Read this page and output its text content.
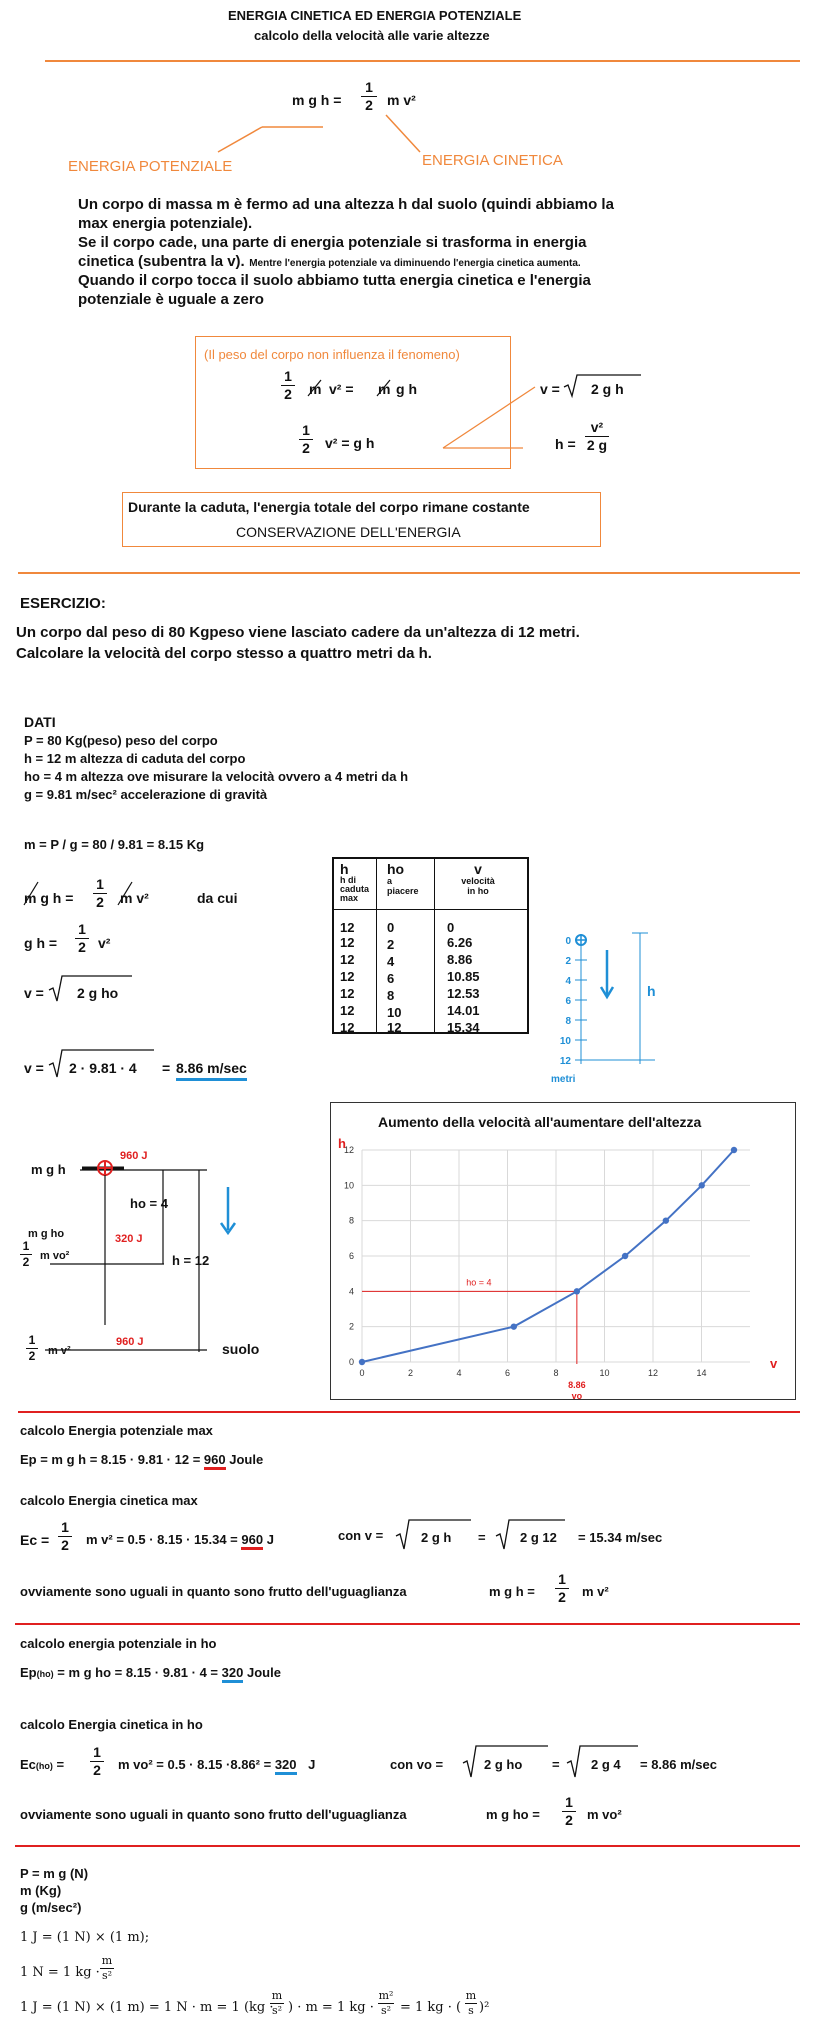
ENERGIA CINETICA ED ENERGIA POTENZIALE
calcolo della velocità alle varie altezze
m g h =
1
2 m v²
ENERGIA POTENZIALE	ENERGIA CINETICA
Un corpo di massa m è fermo ad una altezza h dal suolo (quindi abbiamo la
max energia potenziale).
Se il corpo cade, una parte di energia potenziale si trasforma in energia
cinetica (subentra la v). Mentre l'energia potenziale va diminuendo l'energia cinetica aumenta.
Quando il corpo tocca il suolo abbiamo tutta energia cinetica e l'energia
potenziale è uguale a zero
(Il peso del corpo non influenza il fenomeno)
1
2 m v² = m g h
1
2 v² = g h
v = 2 g h
h =
v²
2 g
Durante la caduta, l'energia totale del corpo rimane costante
CONSERVAZIONE DELL'ENERGIA
ESERCIZIO:
Un corpo dal peso di 80 Kgpeso viene lasciato cadere da un'altezza di 12 metri.
Calcolare la velocità del corpo stesso a quattro metri da h.
DATI
P = 80 Kg(peso) peso del corpo
h = 12 m altezza di caduta del corpo
ho = 4 m altezza ove misurare la velocità ovvero a 4 metri da h
g = 9.81 m/sec² accelerazione di gravità
m = P / g = 80 / 9.81 = 8.15 Kg
m g h =
1
2 m v²	da cui
g h =
1
2 v²
v = 2 g ho
v = 2 · 9.81 · 4 = 8.86 m/sec
h
h di
caduta
max
ho
a
piacere
v
velocità
in ho
12	0	0
12	2	6.26
12	4	8.86
12	6	10.85
12	8	12.53
12	10	14.01
12	12	15.34
0
2
4
6
8
10
12
h
metri
m g h
960 J
ho = 4
m g ho	320 J
1
2 m vo²	h = 12
960 J
1
2 m v²	suolo
Aumento della velocità all'aumentare dell'altezza
0
2
4
6
8
10
12
0	2	4	6	8	10	12	14
h
v
ho = 4
8.86
vo
calcolo Energia potenziale max
Ep = m g h = 8.15 · 9.81 · 12 = 960 Joule
calcolo Energia cinetica max
Ec =
1
2 m v² = 0.5 · 8.15 · 15.34 = 960 J	con v =	2 g h =	2 g 12 = 15.34 m/sec
ovviamente sono uguali in quanto sono frutto dell'uguaglianza	m g h =
1
2 m v²
calcolo energia potenziale in ho
Ep(ho) = m g ho = 8.15 · 9.81 · 4 = 320 Joule
calcolo Energia cinetica in ho
Ec(ho) =
1
2 m vo² = 0.5 · 8.15 ·8.86² = 320 J	con vo =	2 g ho = 2 g 4 = 8.86 m/sec
ovviamente sono uguali in quanto sono frutto dell'uguaglianza	m g ho =
1
2 m vo²
P = m g (N)
m (Kg)
g (m/sec²)
1 J = (1 N) × (1 m);
1 N = 1 kg ·
m
s²
1 J = (1 N) × (1 m) = 1 N · m = 1 (kg ·
m
s² ) · m = 1 kg ·
m²
s² = 1 kg · (
m
s )²
